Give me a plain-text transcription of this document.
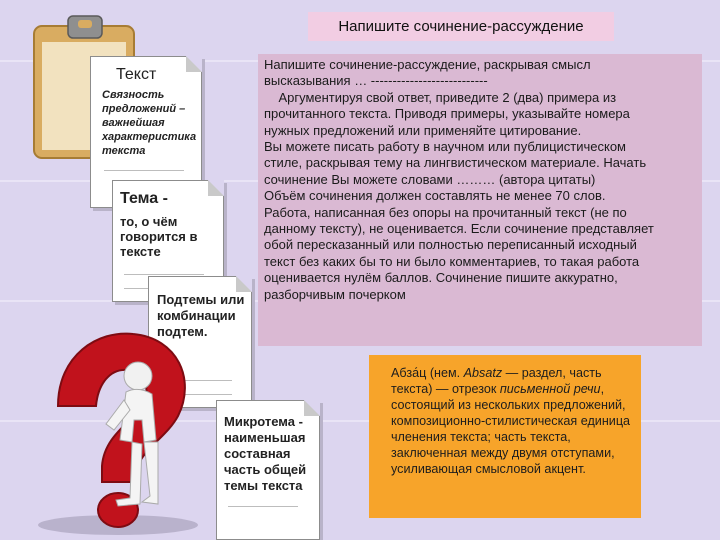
Напишите сочинение-рассуждение
Текст
Связность предложений – важнейшая характеристика текста
Тема -
то, о чём говорится в тексте
Подтемы или комбинации подтем.
Микротема - наименьшая составная часть общей темы текста

Напишите сочинение-рассуждение, раскрывая смысл

высказывания … ---------------------------

Аргументируя свой ответ, приведите 2 (два) примера из

прочитанного текста. Приводя примеры, указывайте номера

нужных предложений или применяйте цитирование.

Вы можете писать работу в научном или публицистическом

стиле, раскрывая тему на лингвистическом материале. Начать

сочинение Вы можете словами ……… (автора цитаты)

Объём сочинения должен составлять не менее 70 слов.

Работа, написанная без опоры на прочитанный текст (не по

данному тексту), не оценивается. Если сочинение представляет

обой пересказанный или полностью переписанный исходный

текст без каких бы то ни было комментариев, то такая работа

оценивается нулём баллов. Сочинение пишите аккуратно,

разборчивым почерком

Абза́ц (нем. Absatz — раздел, часть текста) — отрезок письменной речи, состоящий из нескольких предложений, композиционно-стилистическая единица членения текста; часть текста, заключенная между двумя отступами, усиливающая смысловой акцент.
